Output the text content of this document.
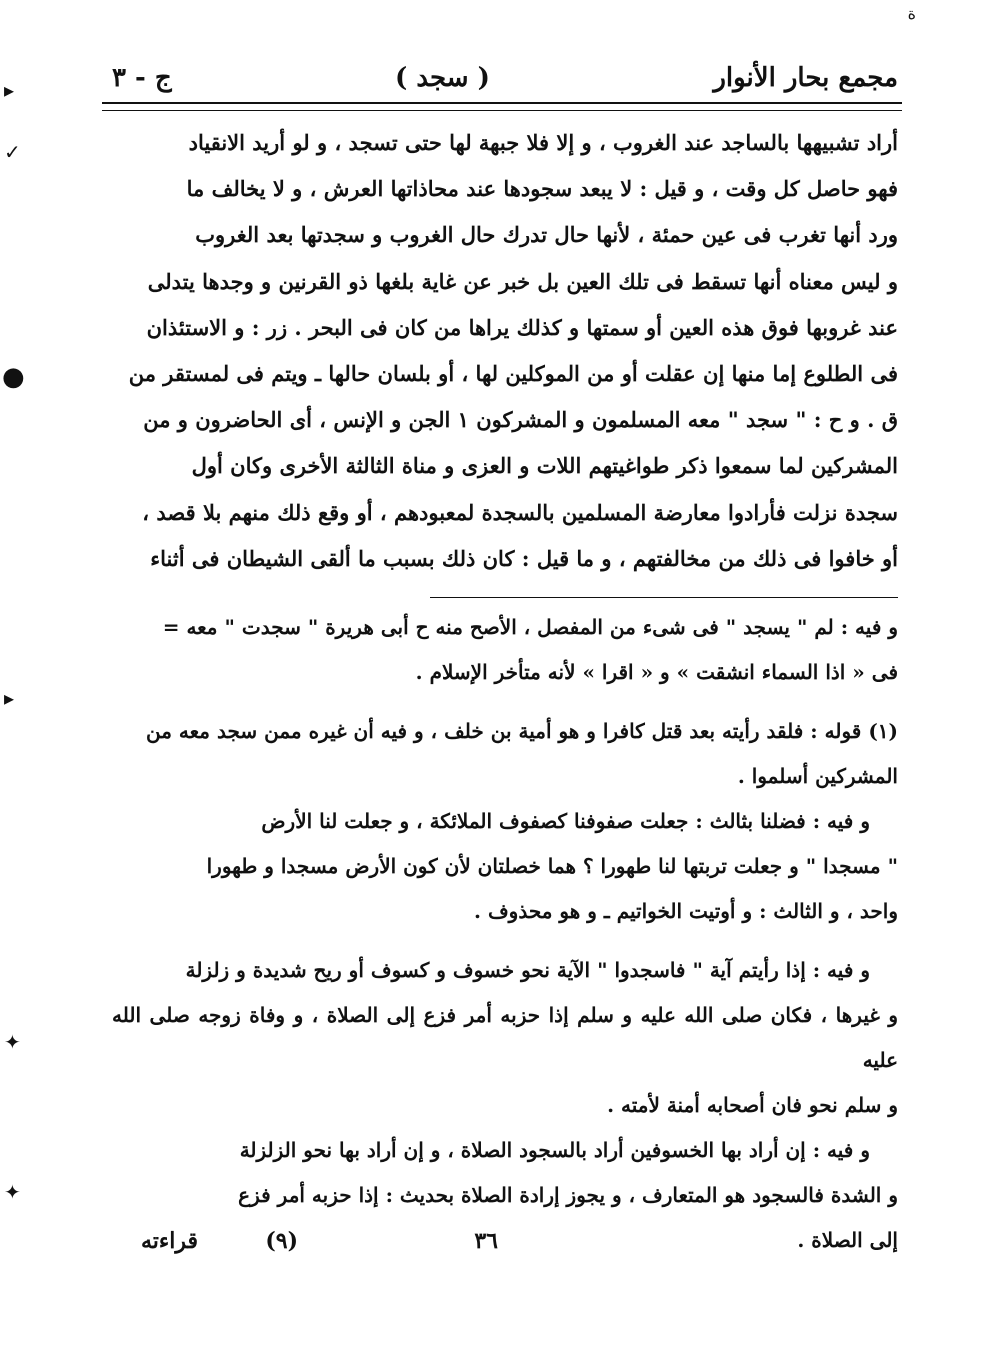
ة
مجمع بحار الأنوار
( سجد )
ج - ٣

أراد تشبيهها بالساجد عند الغروب ، و إلا فلا جبهة لها حتى تسجد ، و لو أريد الانقياد

فهو حاصل كل وقت ، و قيل : لا يبعد سجودها عند محاذاتها العرش ، و لا يخالف ما

ورد أنها تغرب فى عين حمئة ، لأنها حال تدرك حال الغروب و سجدتها بعد الغروب

و ليس معناه أنها تسقط فى تلك العين بل خبر عن غاية بلغها ذو القرنين و وجدها يتدلى

عند غروبها فوق هذه العين أو سمتها و كذلك يراها من كان فى البحر . زر : و الاستئذان

فى الطلوع إما منها إن عقلت أو من الموكلين لها ، أو بلسان حالها ـ ويتم فى لمستقر من

ق . و ح : " سجد " معه المسلمون و المشركون ١ الجن و الإنس ، أى الحاضرون و من

المشركين لما سمعوا ذكر طواغيتهم اللات و العزى و مناة الثالثة الأخرى وكان أول

سجدة نزلت فأرادوا معارضة المسلمين بالسجدة لمعبودهم ، أو وقع ذلك منهم بلا قصد ،

أو خافوا فى ذلك من مخالفتهم ، و ما قيل : كان ذلك بسبب ما ألقى الشيطان فى أثناء

و فيه : لم " يسجد " فى شىء من المفصل ، الأصح منه ح أبى هريرة " سجدت " معه =

فى « اذا السماء انشقت » و « اقرا » لأنه متأخر الإسلام .

(١) قوله : فلقد رأيته بعد قتل كافرا و هو أمية بن خلف ، و فيه أن غيره ممن سجد معه من

المشركين أسلموا .

و فيه : فضلنا بثالث : جعلت صفوفنا كصفوف الملائكة ، و جعلت لنا الأرض

" مسجدا " و جعلت تربتها لنا طهورا ؟ هما خصلتان لأن كون الأرض مسجدا و طهورا

واحد ، و الثالث : و أوتيت الخواتيم ـ و هو محذوف .

و فيه : إذا رأيتم آية " فاسجدوا " الآية نحو خسوف و كسوف أو ريح شديدة و زلزلة

و غيرها ، فكان صلى الله عليه و سلم إذا حزبه أمر فزع إلى الصلاة ، و وفاة زوجه صلى الله عليه

و سلم نحو فان أصحابه أمنة لأمته .

و فيه : إن أراد بها الخسوفين أراد بالسجود الصلاة ، و إن أراد بها نحو الزلزلة

و الشدة فالسجود هو المتعارف ، و يجوز إرادة الصلاة بحديث : إذا حزبه أمر فزع

إلى الصلاة .

٣٦
(٩)
قراءته
▸
✓
●
▸
✦
✦
